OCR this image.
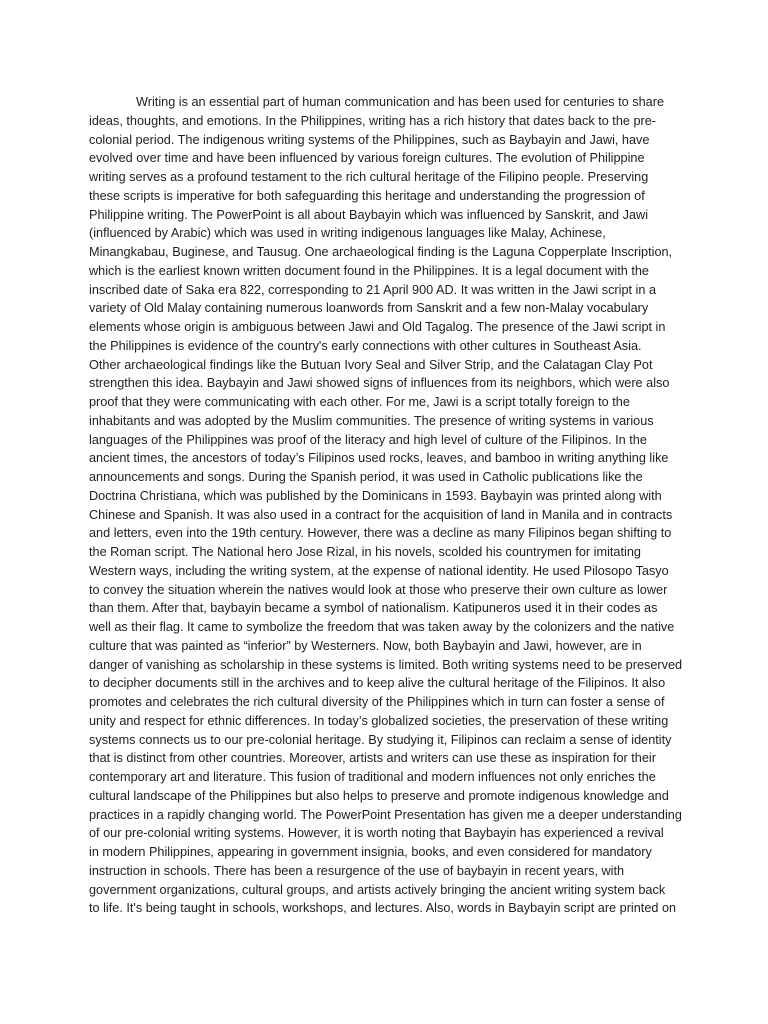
Writing is an essential part of human communication and has been used for centuries to share
ideas, thoughts, and emotions. In the Philippines, writing has a rich history that dates back to the pre-
colonial period. The indigenous writing systems of the Philippines, such as Baybayin and Jawi, have
evolved over time and have been influenced by various foreign cultures. The evolution of Philippine
writing serves as a profound testament to the rich cultural heritage of the Filipino people. Preserving
these scripts is imperative for both safeguarding this heritage and understanding the progression of
Philippine writing. The PowerPoint is all about Baybayin which was influenced by Sanskrit, and Jawi
(influenced by Arabic) which was used in writing indigenous languages like Malay, Achinese,
Minangkabau, Buginese, and Tausug. One archaeological finding is the Laguna Copperplate Inscription,
which is the earliest known written document found in the Philippines. It is a legal document with the
inscribed date of Saka era 822, corresponding to 21 April 900 AD. It was written in the Jawi script in a
variety of Old Malay containing numerous loanwords from Sanskrit and a few non-Malay vocabulary
elements whose origin is ambiguous between Jawi and Old Tagalog. The presence of the Jawi script in
the Philippines is evidence of the country's early connections with other cultures in Southeast Asia.
Other archaeological findings like the Butuan Ivory Seal and Silver Strip, and the Calatagan Clay Pot
strengthen this idea. Baybayin and Jawi showed signs of influences from its neighbors, which were also
proof that they were communicating with each other. For me, Jawi is a script totally foreign to the
inhabitants and was adopted by the Muslim communities. The presence of writing systems in various
languages of the Philippines was proof of the literacy and high level of culture of the Filipinos. In the
ancient times, the ancestors of today’s Filipinos used rocks, leaves, and bamboo in writing anything like
announcements and songs. During the Spanish period, it was used in Catholic publications like the
Doctrina Christiana, which was published by the Dominicans in 1593. Baybayin was printed along with
Chinese and Spanish. It was also used in a contract for the acquisition of land in Manila and in contracts
and letters, even into the 19th century. However, there was a decline as many Filipinos began shifting to
the Roman script. The National hero Jose Rizal, in his novels, scolded his countrymen for imitating
Western ways, including the writing system, at the expense of national identity. He used Pilosopo Tasyo
to convey the situation wherein the natives would look at those who preserve their own culture as lower
than them. After that, baybayin became a symbol of nationalism. Katipuneros used it in their codes as
well as their flag. It came to symbolize the freedom that was taken away by the colonizers and the native
culture that was painted as “inferior” by Westerners. Now, both Baybayin and Jawi, however, are in
danger of vanishing as scholarship in these systems is limited. Both writing systems need to be preserved
to decipher documents still in the archives and to keep alive the cultural heritage of the Filipinos. It also
promotes and celebrates the rich cultural diversity of the Philippines which in turn can foster a sense of
unity and respect for ethnic differences. In today’s globalized societies, the preservation of these writing
systems connects us to our pre-colonial heritage. By studying it, Filipinos can reclaim a sense of identity
that is distinct from other countries. Moreover, artists and writers can use these as inspiration for their
contemporary art and literature. This fusion of traditional and modern influences not only enriches the
cultural landscape of the Philippines but also helps to preserve and promote indigenous knowledge and
practices in a rapidly changing world. The PowerPoint Presentation has given me a deeper understanding
of our pre-colonial writing systems. However, it is worth noting that Baybayin has experienced a revival
in modern Philippines, appearing in government insignia, books, and even considered for mandatory
instruction in schools. There has been a resurgence of the use of baybayin in recent years, with
government organizations, cultural groups, and artists actively bringing the ancient writing system back
to life. It's being taught in schools, workshops, and lectures. Also, words in Baybayin script are printed on
